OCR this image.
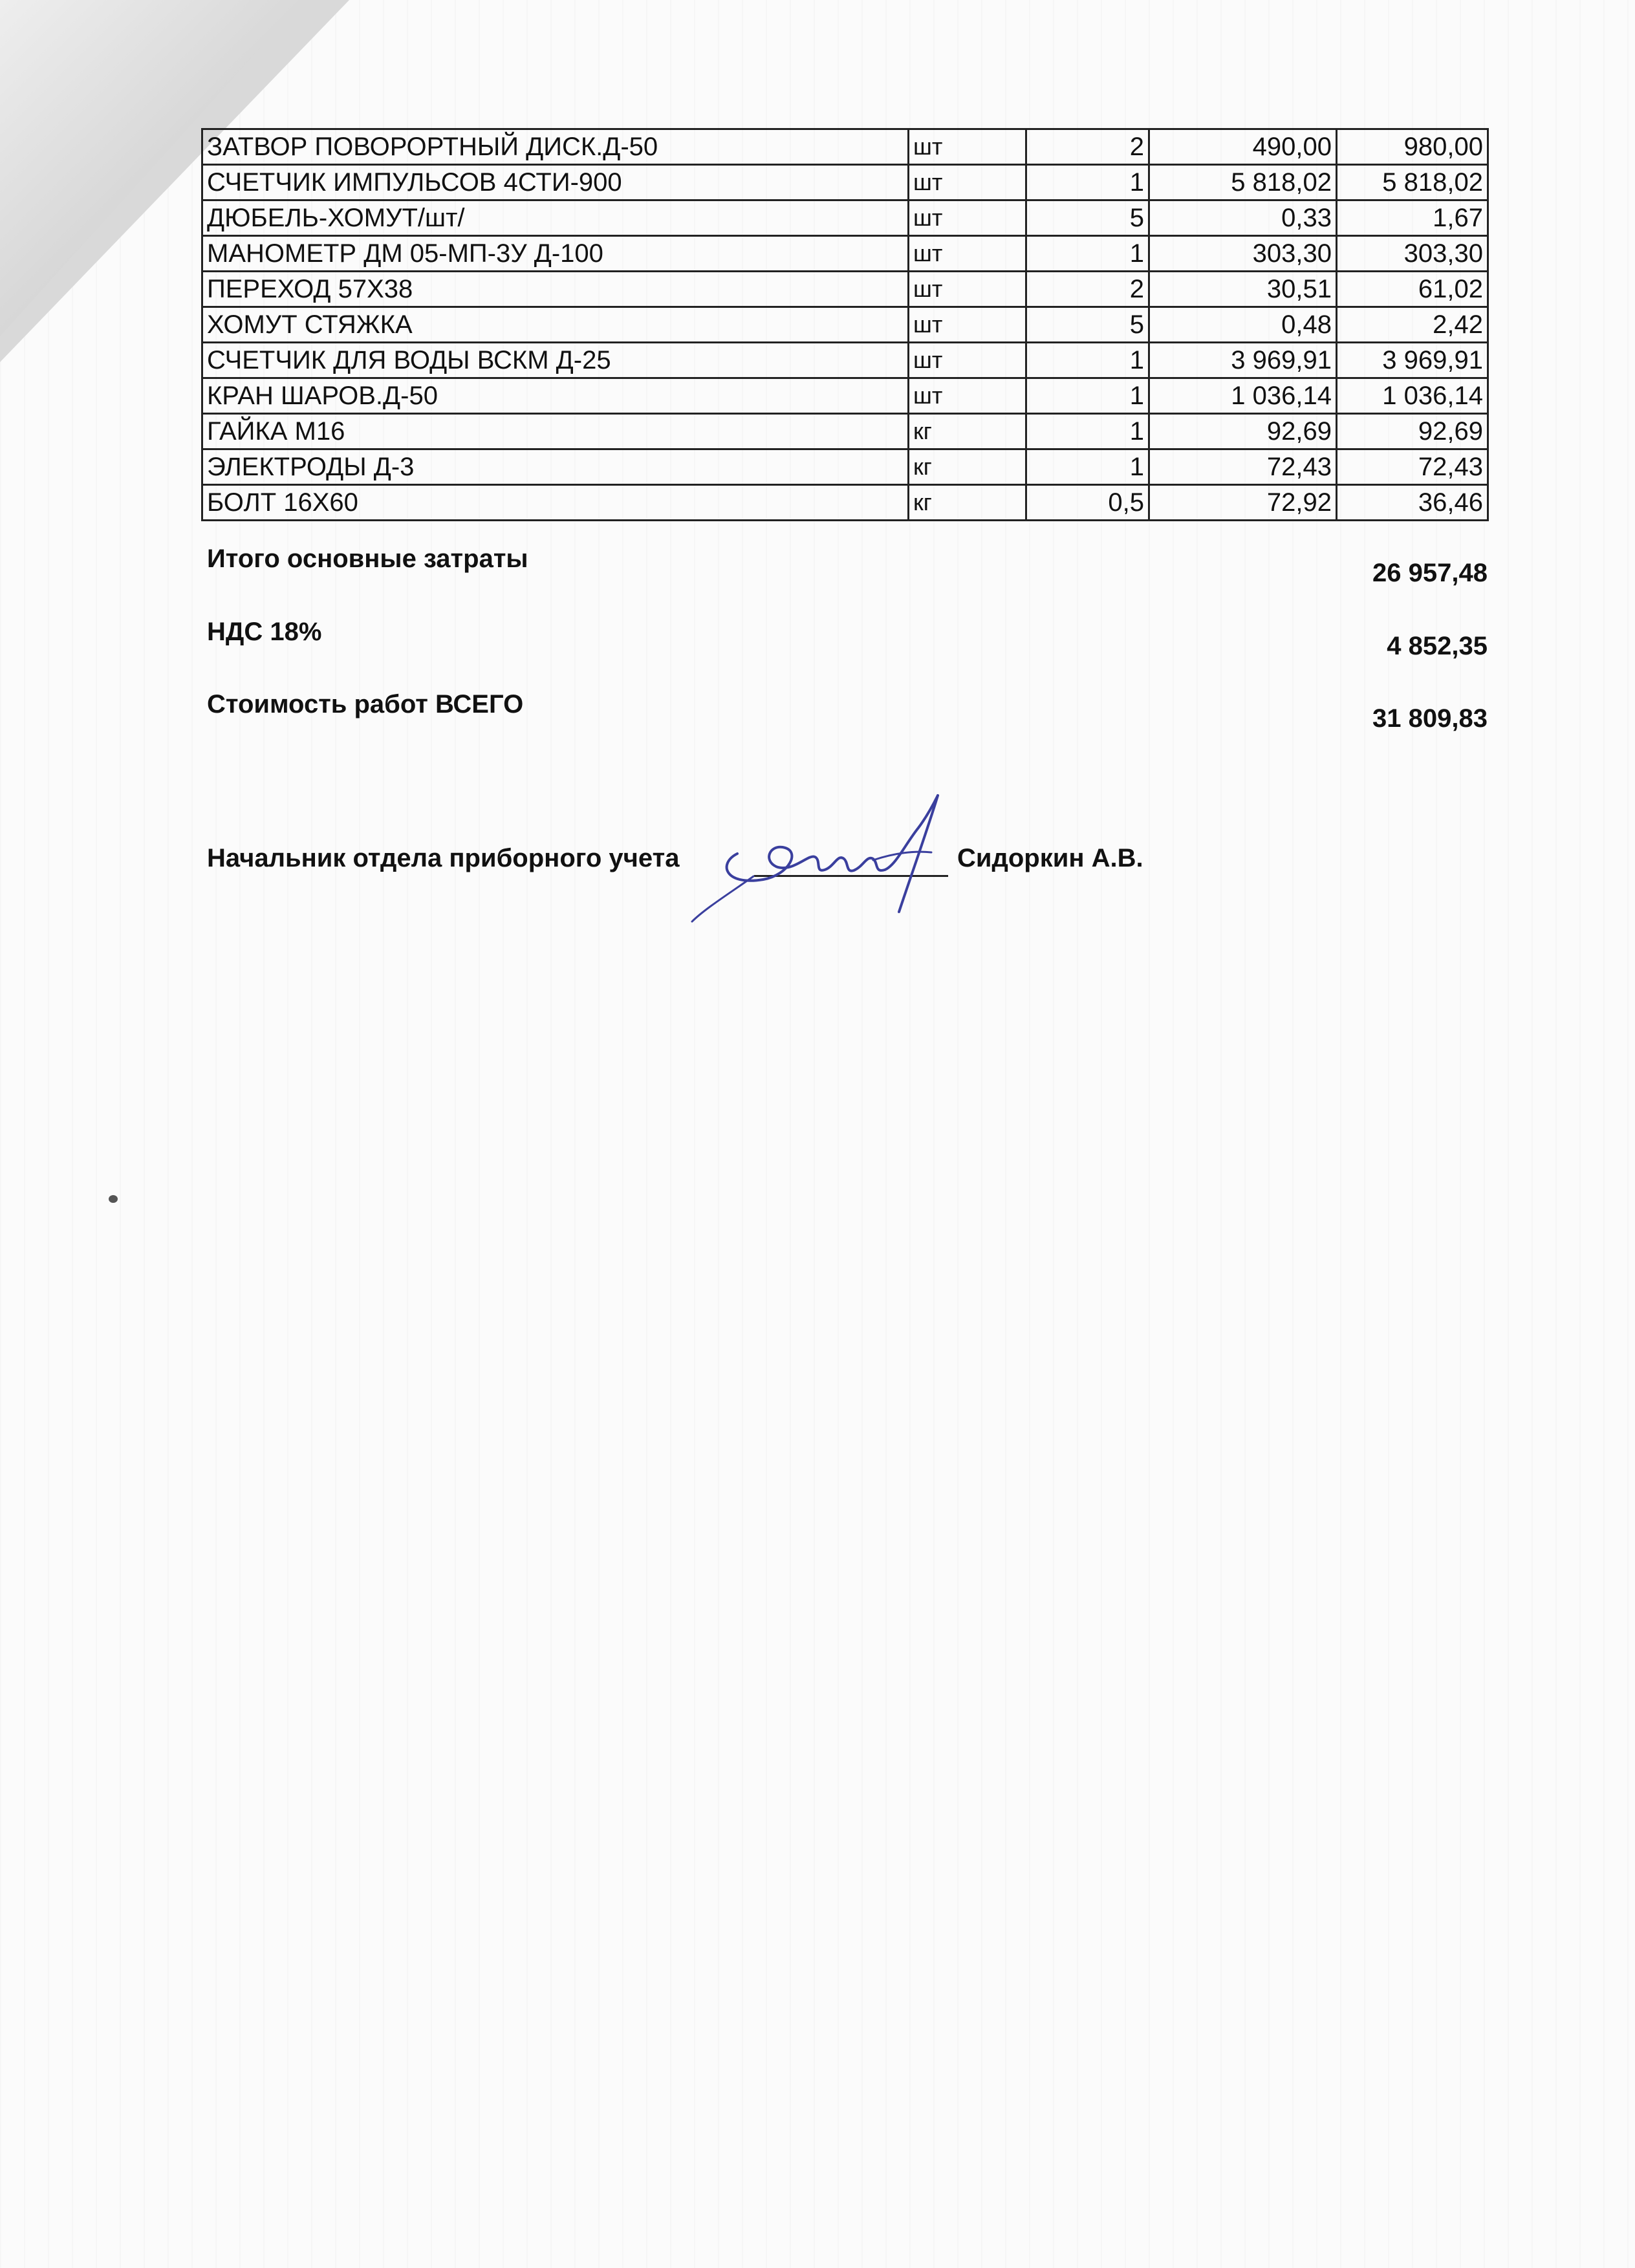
ЗАТВОР ПОВОРОРТНЫЙ ДИСК.Д-50	шт	2	490,00	980,00
СЧЕТЧИК ИМПУЛЬСОВ 4СТИ-900	шт	1	5 818,02	5 818,02
ДЮБЕЛЬ-ХОМУТ/шт/	шт	5	0,33	1,67
МАНОМЕТР ДМ 05-МП-3У Д-100	шт	1	303,30	303,30
ПЕРЕХОД 57Х38	шт	2	30,51	61,02
ХОМУТ СТЯЖКА	шт	5	0,48	2,42
СЧЕТЧИК ДЛЯ ВОДЫ ВСКМ Д-25	шт	1	3 969,91	3 969,91
КРАН ШАРОВ.Д-50	шт	1	1 036,14	1 036,14
ГАЙКА М16	кг	1	92,69	92,69
ЭЛЕКТРОДЫ Д-3	кг	1	72,43	72,43
БОЛТ 16Х60	кг	0,5	72,92	36,46
Итого основные затраты	26 957,48
НДС 18%	4 852,35
Стоимость работ ВСЕГО	31 809,83
Начальник отдела приборного учета	Сидоркин А.В.
